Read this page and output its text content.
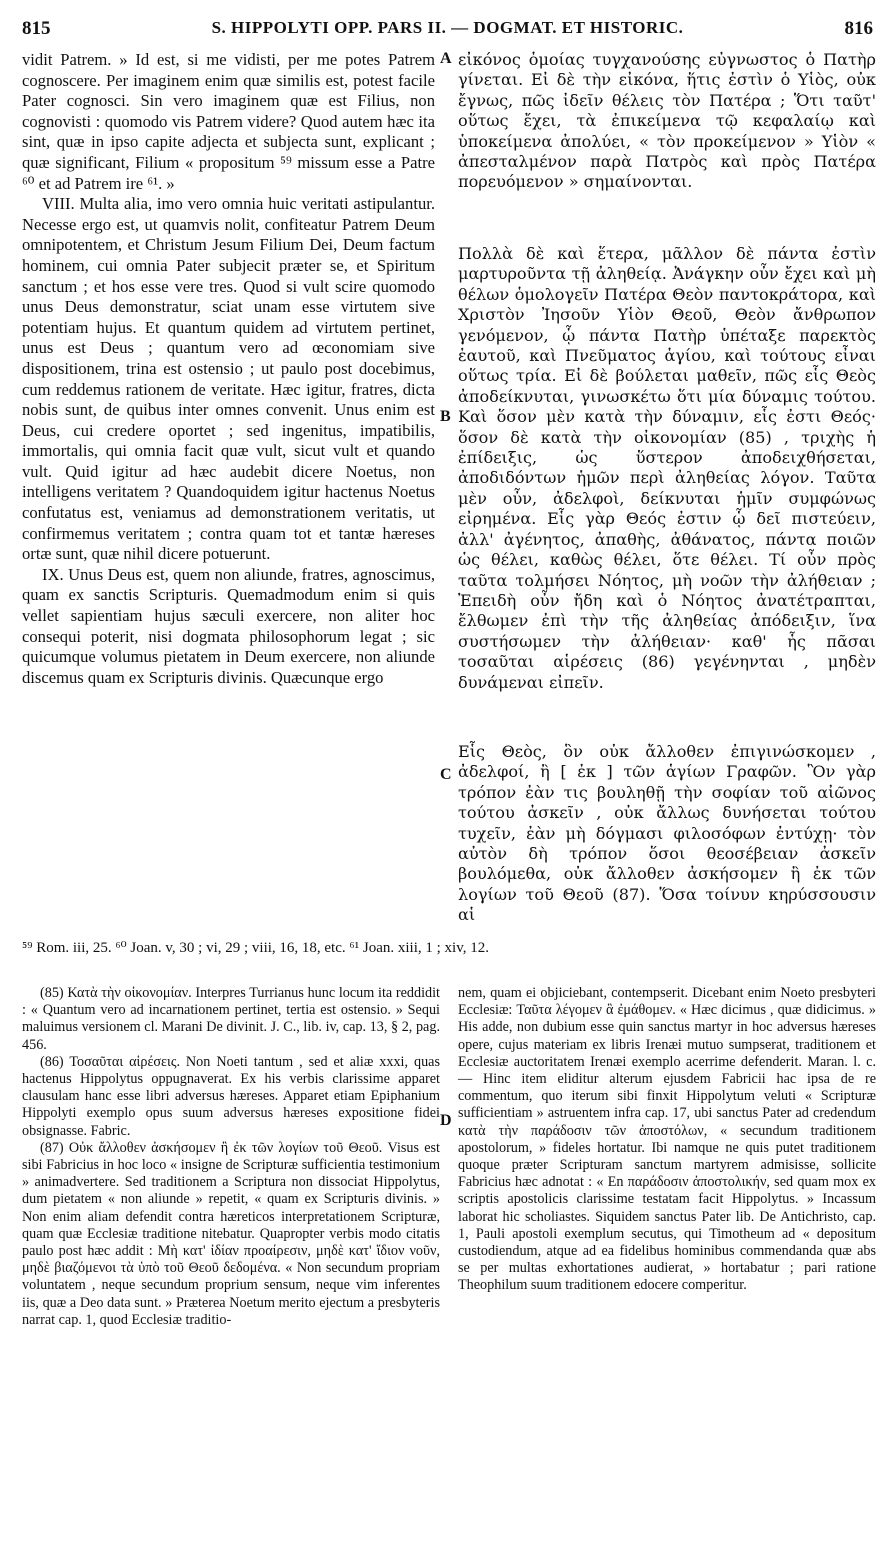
815	S. HIPPOLYTI OPP. PARS II. — DOGMAT. ET HISTORIC.	816

vidit Patrem. » Id est, si me vidisti, per me potes Patrem cognoscere. Per imaginem enim quæ similis est, potest facile Pater cognosci. Sin vero imaginem quæ est Filius, non cognovisti : quomodo vis Patrem videre? Quod autem hæc ita sint, quæ in ipso capite adjecta et subjecta sunt, explicant ; quæ significant, Filium « propositum ⁵⁹ missum esse a Patre ⁶⁰ et ad Patrem ire ⁶¹. »

VIII. Multa alia, imo vero omnia huic veritati astipulantur. Necesse ergo est, ut quamvis nolit, confiteatur Patrem Deum omnipotentem, et Christum Jesum Filium Dei, Deum factum hominem, cui omnia Pater subjecit præter se, et Spiritum sanctum ; et hos esse vere tres. Quod si vult scire quomodo unus Deus demonstratur, sciat unam esse virtutem sive potentiam hujus. Et quantum quidem ad virtutem pertinet, unus est Deus ; quantum vero ad œconomiam sive dispositionem, trina est ostensio ; ut paulo post docebimus, cum reddemus rationem de veritate. Hæc igitur, fratres, dicta nobis sunt, de quibus inter omnes convenit. Unus enim est Deus, cui credere oportet ; sed ingenitus, impatibilis, immortalis, qui omnia facit quæ vult, sicut vult et quando vult. Quid igitur ad hæc audebit dicere Noetus, non intelligens veritatem ? Quandoquidem igitur hactenus Noetus confutatus est, veniamus ad demonstrationem veritatis, ut confirmemus veritatem ; contra quam tot et tantæ hæreses ortæ sunt, quæ nihil dicere potuerunt.

IX. Unus Deus est, quem non aliunde, fratres, agnoscimus, quam ex sanctis Scripturis. Quemadmodum enim si quis vellet sapientiam hujus sæculi exercere, non aliter hoc consequi poterit, nisi dogmata philosophorum legat ; sic quicumque volumus pietatem in Deum exercere, non aliunde discemus quam ex Scripturis divinis. Quæcunque ergo

A
B
C
D
εἰκόνος ὁμοίας τυγχανούσης εὐγνωστος ὁ Πατὴρ γίνεται. Εἰ δὲ τὴν εἰκόνα, ἥτις ἐστὶν ὁ Υἱὸς, οὐκ ἔγνως, πῶς ἰδεῖν θέλεις τὸν Πατέρα ; Ὅτι ταῦτ' οὕτως ἔχει, τὰ ἐπικείμενα τῷ κεφαλαίῳ καὶ ὑποκείμενα ἀπολύει, « τὸν προκείμενον » Υἱὸν « ἀπεσταλμένον παρὰ Πατρὸς καὶ πρὸς Πατέρα πορευόμενον » σημαίνονται.
Πολλὰ δὲ καὶ ἕτερα, μᾶλλον δὲ πάντα ἐστὶν μαρτυροῦντα τῇ ἀληθείᾳ. Ἀνάγκην οὖν ἔχει καὶ μὴ θέλων ὁμολογεῖν Πατέρα Θεὸν παντοκράτορα, καὶ Χριστὸν Ἰησοῦν Υἱὸν Θεοῦ, Θεὸν ἄνθρωπον γενόμενον, ᾧ πάντα Πατὴρ ὑπέταξε παρεκτὸς ἑαυτοῦ, καὶ Πνεῦματος ἁγίου, καὶ τούτους εἶναι οὕτως τρία. Εἰ δὲ βούλεται μαθεῖν, πῶς εἷς Θεὸς ἀποδείκνυται, γινωσκέτω ὅτι μία δύναμις τούτου. Καὶ ὅσον μὲν κατὰ τὴν δύναμιν, εἷς ἐστι Θεός· ὅσον δὲ κατὰ τὴν οἰκονομίαν (85) , τριχὴς ἡ ἐπίδειξις, ὡς ὕστερον ἀποδειχθήσεται, ἀποδιδόντων ἡμῶν περὶ ἀληθείας λόγον. Ταῦτα μὲν οὖν, ἀδελφοὶ, δείκνυται ἡμῖν συμφώνως εἰρημένα. Εἷς γὰρ Θεός ἐστιν ᾧ δεῖ πιστεύειν, ἀλλ' ἀγένητος, ἀπαθὴς, ἀθάνατος, πάντα ποιῶν ὡς θέλει, καθὼς θέλει, ὅτε θέλει. Τί οὖν πρὸς ταῦτα τολμήσει Νόητος, μὴ νοῶν τὴν ἀλήθειαν ; Ἐπειδὴ οὖν ἤδη καὶ ὁ Νόητος ἀνατέτραπται, ἔλθωμεν ἐπὶ τὴν τῆς ἀληθείας ἀπόδειξιν, ἵνα συστήσωμεν τὴν ἀλήθειαν· καθ' ἧς πᾶσαι τοσαῦται αἱρέσεις (86) γεγένηνται , μηδὲν δυνάμεναι εἰπεῖν.
Εἷς Θεὸς, ὃν οὐκ ἄλλοθεν ἐπιγινώσκομεν , ἀδελφοί, ἢ [ ἐκ ] τῶν ἁγίων Γραφῶν. Ὃν γὰρ τρόπον ἐὰν τις βουληθῇ τὴν σοφίαν τοῦ αἰῶνος τούτου ἀσκεῖν , οὐκ ἄλλως δυνήσεται τούτου τυχεῖν, ἐὰν μὴ δόγμασι φιλοσόφων ἐντύχῃ· τὸν αὐτὸν δὴ τρόπον ὅσοι θεοσέβειαν ἀσκεῖν βουλόμεθα, οὐκ ἄλλοθεν ἀσκήσομεν ἢ ἐκ τῶν λογίων τοῦ Θεοῦ (87). Ὅσα τοίνυν κηρύσσουσιν αἱ
⁵⁹ Rom. iii, 25. ⁶⁰ Joan. v, 30 ; vi, 29 ; viii, 16, 18, etc. ⁶¹ Joan. xiii, 1 ; xiv, 12.

(85) Κατὰ τὴν οἰκονομίαν. Interpres Turrianus hunc locum ita reddidit : « Quantum vero ad incarnationem pertinet, tertia est ostensio. » Sequi maluimus versionem cl. Marani De divinit. J. C., lib. iv, cap. 13, § 2, pag. 456.

(86) Τοσαῦται αἱρέσεις. Non Noeti tantum , sed et aliæ xxxi, quas hactenus Hippolytus oppugnaverat. Ex his verbis clarissime apparet clausulam hanc esse libri adversus hæreses. Apparet etiam Epiphanium Hippolyti exemplo opus suum adversus hæreses expositione fidei obsignasse. Fabric.

(87) Οὐκ ἄλλοθεν ἀσκήσομεν ἢ ἐκ τῶν λογίων τοῦ Θεοῦ. Visus est sibi Fabricius in hoc loco « insigne de Scripturæ sufficientia testimonium » animadvertere. Sed traditionem a Scriptura non dissociat Hippolytus, dum pietatem « non aliunde » repetit, « quam ex Scripturis divinis. » Non enim aliam defendit contra hæreticos interpretationem Scripturæ, quam quæ Ecclesiæ traditione nitebatur. Quapropter verbis modo citatis paulo post hæc addit : Μὴ κατ' ἰδίαν προαίρεσιν, μηδὲ κατ' ἴδιον νοῦν, μηδὲ βιαζόμενοι τὰ ὑπὸ τοῦ Θεοῦ δεδομένα. « Non secundum propriam voluntatem , neque secundum proprium sensum, neque vim inferentes iis, quæ a Deo data sunt. » Præterea Noetum merito ejectum a presbyteris narrat cap. 1, quod Ecclesiæ traditio-

nem, quam ei objiciebant, contempserit. Dicebant enim Noeto presbyteri Ecclesiæ: Ταῦτα λέγομεν ἃ ἐμάθομεν. « Hæc dicimus , quæ didicimus. » His adde, non dubium esse quin sanctus martyr in hoc adversus hæreses opere, cujus materiam ex libris Irenæi mutuo sumpserat, traditionem et Ecclesiæ auctoritatem Irenæi exemplo acerrime defenderit. Maran. l. c. — Hinc item eliditur alterum ejusdem Fabricii hac ipsa de re commentum, quo iterum sibi finxit Hippolytum veluti « Scripturæ sufficientiam » astruentem infra cap. 17, ubi sanctus Pater ad credendum κατὰ τὴν παράδοσιν τῶν ἀποστόλων, « secundum traditionem apostolorum, » fideles hortatur. Ibi namque ne quis putet traditionem quoque præter Scripturam sanctum martyrem admisisse, sollicite Fabricius hæc adnotat : « En παράδοσιν ἀποστολικήν, sed quam mox ex scriptis apostolicis clarissime testatam facit Hippolytus. » Incassum laborat hic scholiastes. Siquidem sanctus Pater lib. De Antichristo, cap. 1, Pauli apostoli exemplum secutus, qui Timotheum ad « depositum custodiendum, atque ad ea fidelibus hominibus commendanda quæ abs se per multas exhortationes audierat, » hortabatur ; pari ratione Theophilum suum traditionem edocere comperitur.
